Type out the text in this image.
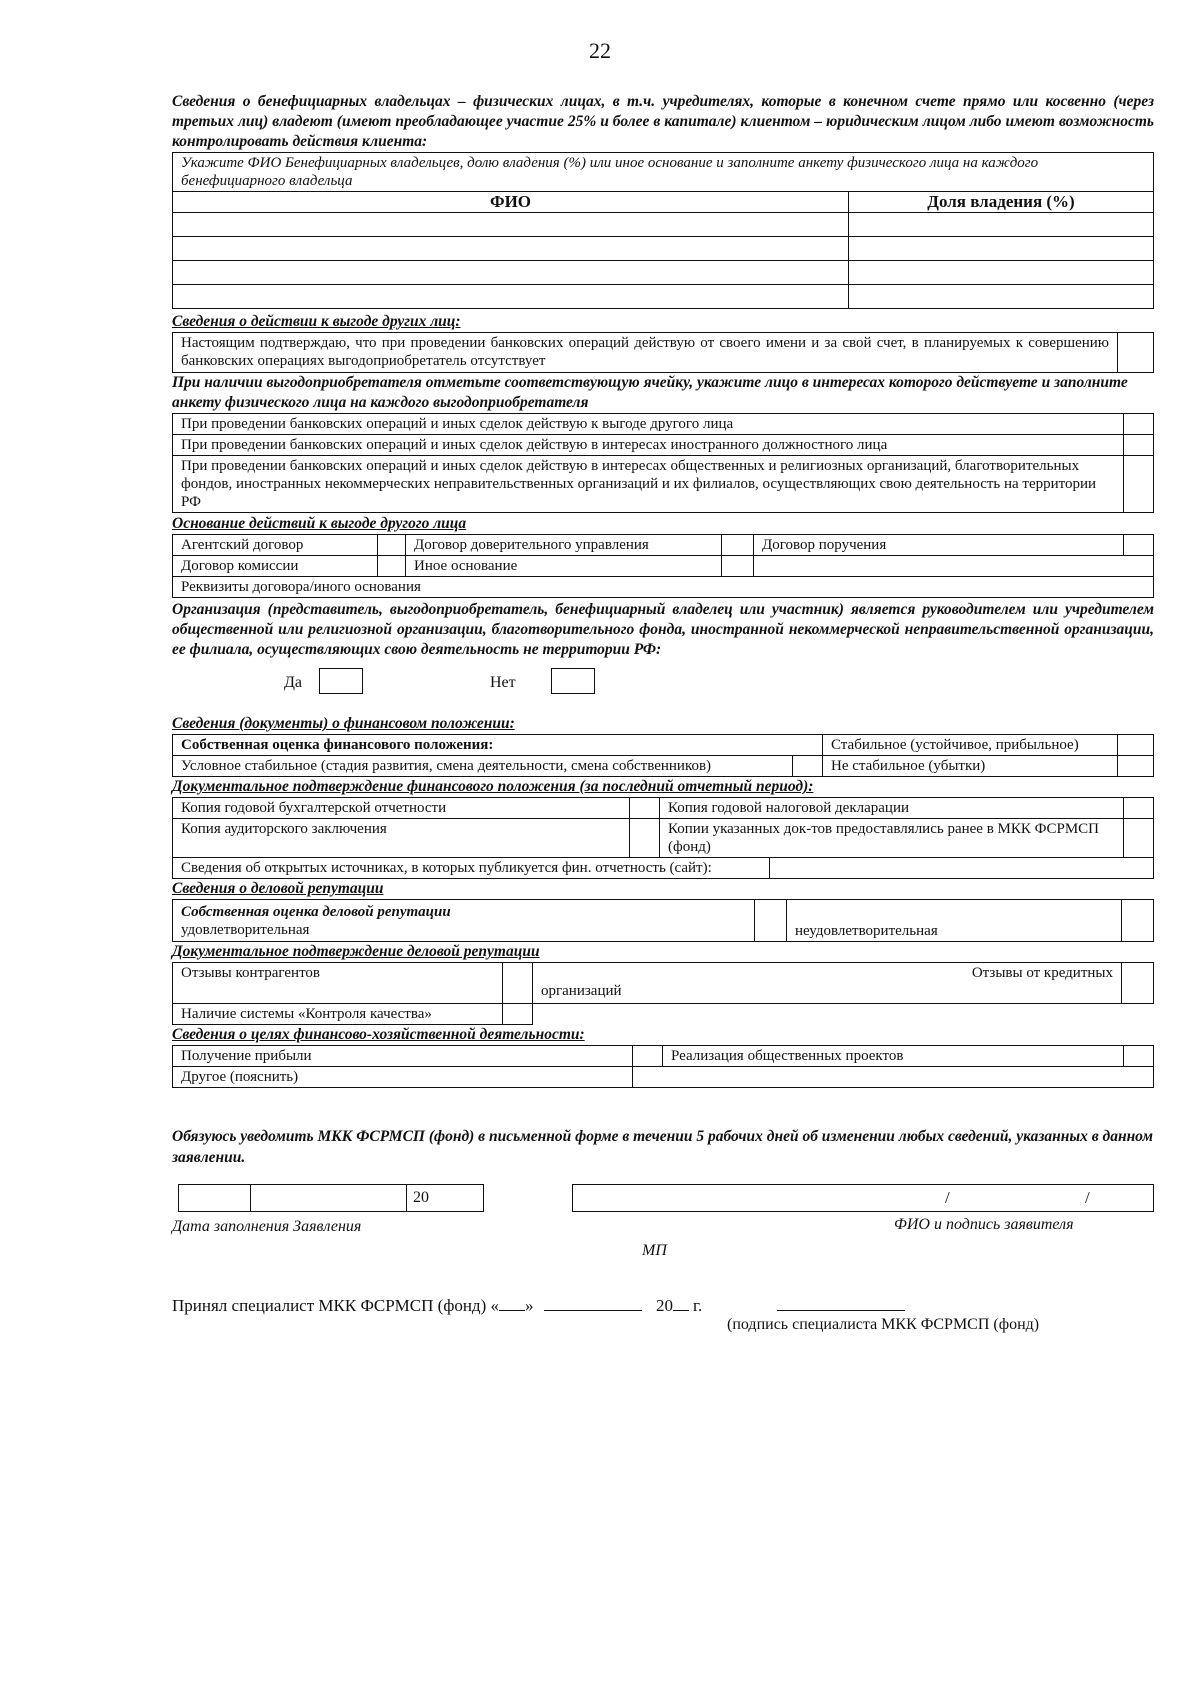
22
Сведения о бенефициарных владельцах – физических лицах, в т.ч. учредителях, которые в конечном счете прямо или косвенно (через третьих лиц) владеют (имеют преобладающее участие 25% и более в капитале) клиентом – юридическим лицом либо имеют возможность контролировать действия клиента:
Укажите ФИО Бенефициарных владельцев, долю владения (%) или иное основание и заполните анкету физического лица на каждого бенефициарного владельца	
ФИО	Доля владения (%)

Сведения о действии к выгоде других лиц:
Настоящим подтверждаю, что при проведении банковских операций действую от своего имени и за свой счет, в планируемых к совершению банковских операциях выгодоприобретатель отсутствует	
При наличии выгодоприобретателя отметьте соответствующую ячейку, укажите лицо в интересах которого действуете и заполните анкету физического лица на каждого выгодоприобретателя
При проведении банковских операций и иных сделок действую к выгоде другого лица	
При проведении банковских операций и иных сделок действую в интересах иностранного должностного лица	
При проведении банковских операций и иных сделок действую в интересах общественных и религиозных организаций, благотворительных фондов, иностранных некоммерческих неправительственных организаций и их филиалов, осуществляющих свою деятельность на территории РФ	
Основание действий к выгоде другого лица
Агентский договор		Договор доверительного управления		Договор поручения	
Договор комиссии		Иное основание			
Реквизиты договора/иного основания					
Организация (представитель, выгодоприобретатель, бенефициарный владелец или участник) является руководителем или учредителем общественной или религиозной организации, благотворительного фонда, иностранной некоммерческой неправительственной организации, ее филиала, осуществляющих свою деятельность не территории РФ:
Да	Нет
Сведения (документы) о финансовом положении:
Собственная оценка финансового положения:		Стабильное (устойчивое, прибыльное)	
Условное стабильное (стадия развития, смена деятельности, смена собственников)		Не стабильное (убытки)	
Документальное подтверждение финансового положения (за последний отчетный период):
Копия годовой бухгалтерской отчетности		Копия годовой налоговой декларации		
Копия аудиторского заключения		Копии указанных док-тов предоставлялись ранее в МКК ФСРМСП (фонд)		
Сведения об открытых источниках, в которых публикуется фин. отчетность (сайт):				
Сведения о деловой репутации
Собственная оценка деловой репутации
удовлетворительная		неудовлетворительная	
Документальное подтверждение деловой репутации
Отзывы контрагентов		Отзывы от кредитных
организаций	

Наличие системы «Контроля качества»			
Сведения о целях финансово-хозяйственной деятельности:
Получение прибыли		Реализация общественных проектов	
Другое (пояснить)			
Обязуюсь уведомить МКК ФСРМСП (фонд) в письменной форме в течении 5 рабочих дней об изменении любых сведений, указанных в данном заявлении.
20	/	/
Дата заполнения Заявления	ФИО и подпись заявителя
МП
Принял специалист МКК ФСРМСП (фонд) « »	20 г.
(подпись специалиста МКК ФСРМСП (фонд)
